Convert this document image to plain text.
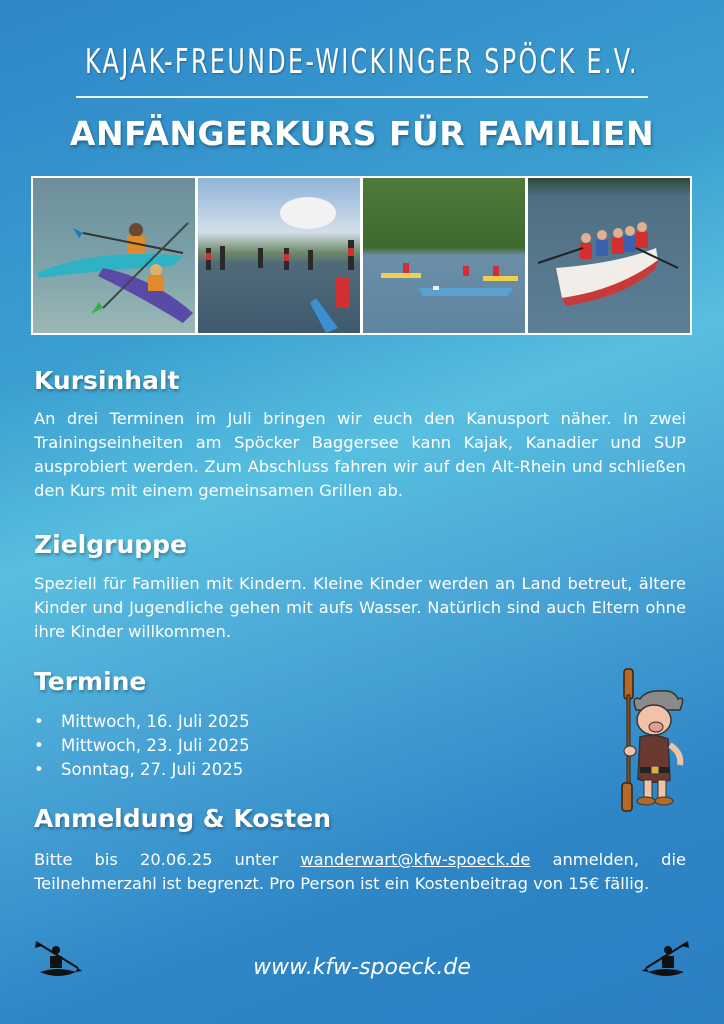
KAJAK-FREUNDE-WICKINGER SPÖCK E.V.
ANFÄNGERKURS FÜR FAMILIEN
Kursinhalt

An drei Terminen im Juli bringen wir euch den Kanusport näher. In zwei Trainingseinheiten am Spöcker Baggersee kann Kajak, Kanadier und SUP ausprobiert werden. Zum Abschluss fahren wir auf den Alt-Rhein und schließen den Kurs mit einem gemeinsamen Grillen ab.

Zielgruppe

Speziell für Familien mit Kindern. Kleine Kinder werden an Land betreut, ältere Kinder und Jugendliche gehen mit aufs Wasser. Natürlich sind auch Eltern ohne ihre Kinder willkommen.

Termine
• Mittwoch, 16. Juli 2025
• Mittwoch, 23. Juli 2025
• Sonntag, 27. Juli 2025
Anmeldung & Kosten

Bitte bis 20.06.25 unter wanderwart@kfw-spoeck.de anmelden, die Teilnehmerzahl ist begrenzt. Pro Person ist ein Kostenbeitrag von 15€ fällig.

www.kfw-spoeck.de
